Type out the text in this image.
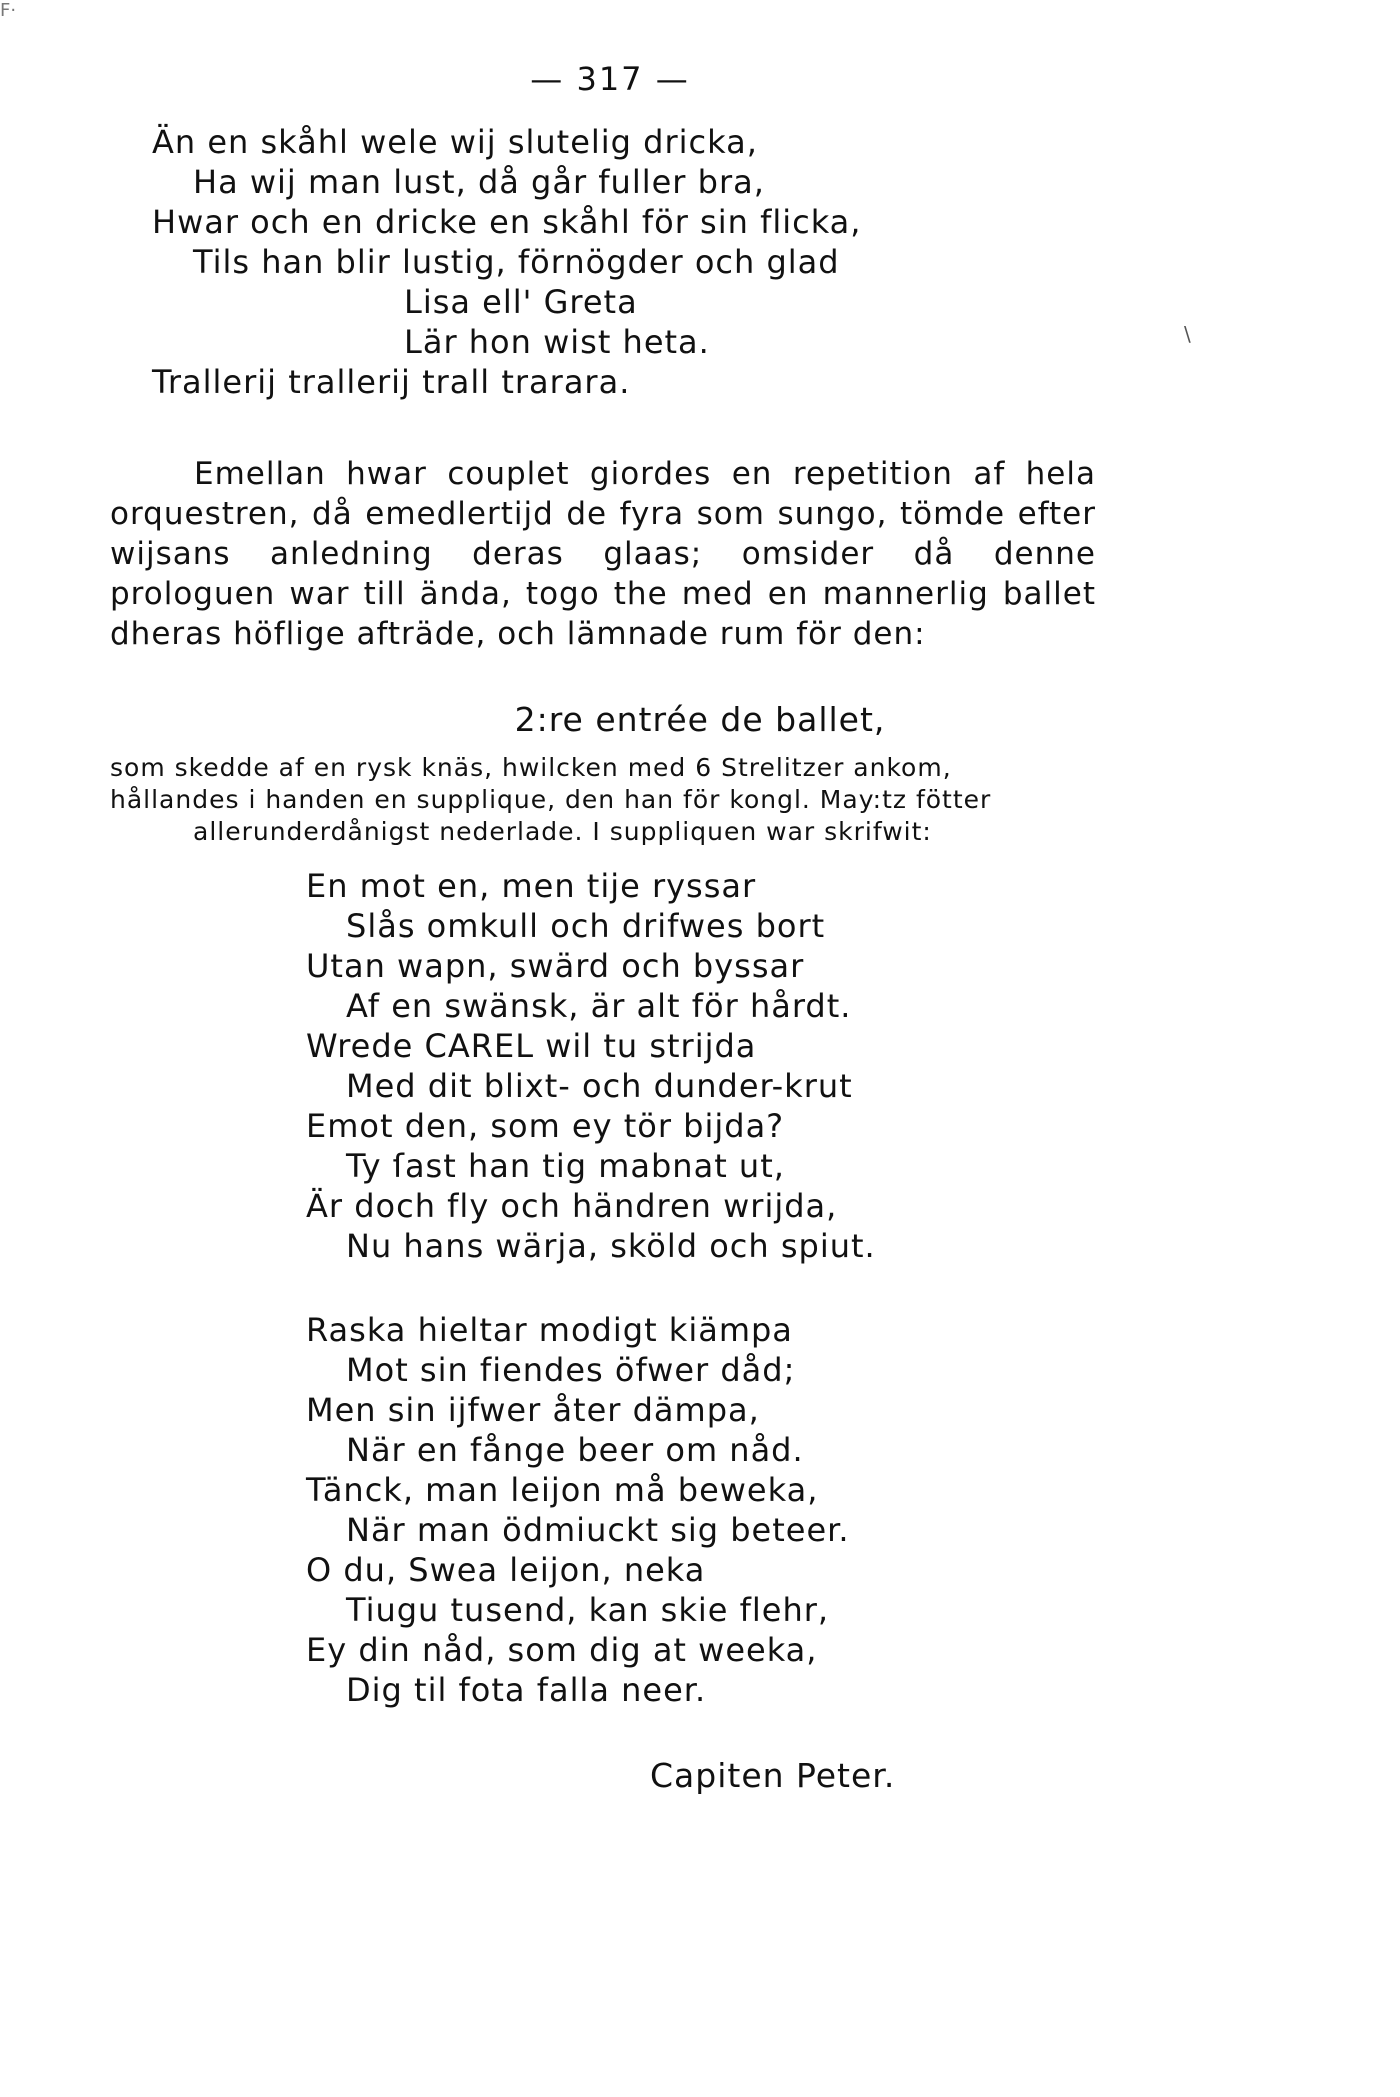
Ϝ·
\
— 317 —
Än en skåhl wele wij slutelig dricka,
Ha wij man lust, då går fuller bra,
Hwar och en dricke en skåhl för sin flicka,
Tils han blir lustig, förnögder och glad
Lisa ell' Greta
Lär hon wist heta.
Trallerij trallerij trall trarara.
Emellan hwar couplet giordes en repetition af hela orquestren, då emedlertijd de fyra som sungo, tömde efter wijsans anledning deras glaas; omsider då denne prologuen war till ända, togo the med en mannerlig ballet dheras höflige afträde, och lämnade rum för den:
2:re entrée de ballet,
som skedde af en rysk knäs, hwilcken med 6 Strelitzer ankom,
hållandes i handen en supplique, den han för kongl. May:tz fötter
allerunderdånigst nederlade. I suppliquen war skrifwit:
En mot en, men tije ryssar
Slås omkull och drifwes bort
Utan wapn, swärd och byssar
Af en swänsk, är alt för hårdt.
Wrede CAREL wil tu strijda
Med dit blixt- och dunder-krut
Emot den, som ey tör bijda?
Ty ſast han tig mabnat ut,
Är doch fly och händren wrijda,
Nu hans wärja, sköld och spiut.
Raska hieltar modigt kiämpa
Mot sin fiendes öfwer dåd;
Men sin ijfwer åter dämpa,
När en fånge beer om nåd.
Tänck, man leijon må beweka,
När man ödmiuckt sig beteer.
O du, Swea leijon, neka
Tiugu tusend, kan skie flehr,
Ey din nåd, som dig at weeka,
Dig til fota falla neer.
Capiten Peter.
